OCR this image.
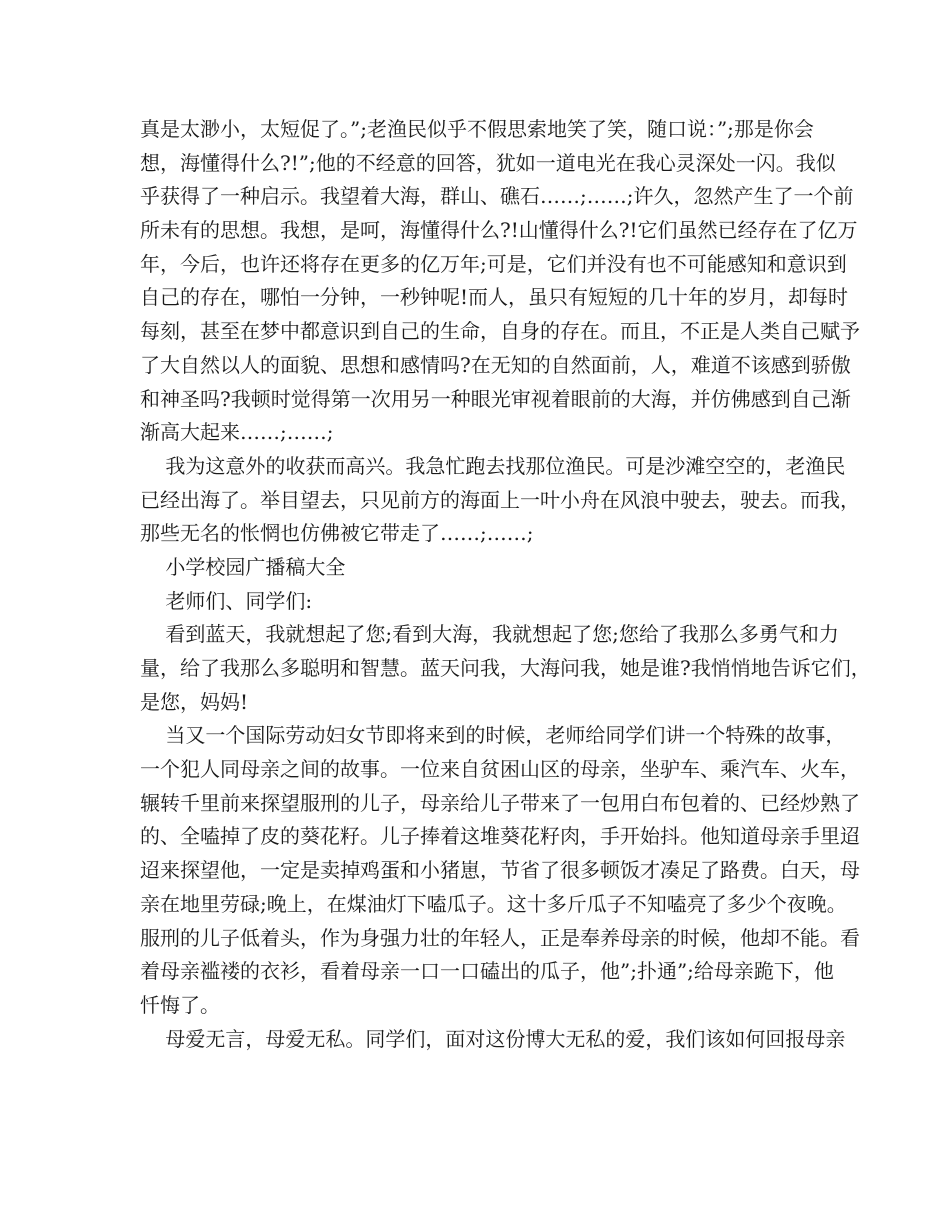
真是太渺小，太短促了。”;老渔民似乎不假思索地笑了笑，随口说：”;那是你会
想，海懂得什么?!”;他的不经意的回答，犹如一道电光在我心灵深处一闪。我似
乎获得了一种启示。我望着大海，群山、礁石……;……;许久，忽然产生了一个前
所未有的思想。我想，是呵，海懂得什么?!山懂得什么?!它们虽然已经存在了亿万
年，今后，也许还将存在更多的亿万年;可是，它们并没有也不可能感知和意识到
自己的存在，哪怕一分钟，一秒钟呢!而人，虽只有短短的几十年的岁月，却每时
每刻，甚至在梦中都意识到自己的生命，自身的存在。而且，不正是人类自己赋予
了大自然以人的面貌、思想和感情吗?在无知的自然面前，人，难道不该感到骄傲
和神圣吗?我顿时觉得第一次用另一种眼光审视着眼前的大海，并仿佛感到自己渐
渐高大起来……;……;
我为这意外的收获而高兴。我急忙跑去找那位渔民。可是沙滩空空的，老渔民
已经出海了。举目望去，只见前方的海面上一叶小舟在风浪中驶去，驶去。而我，
那些无名的怅惘也仿佛被它带走了……;……;
小学校园广播稿大全
老师们、同学们:
看到蓝天，我就想起了您;看到大海，我就想起了您;您给了我那么多勇气和力
量，给了我那么多聪明和智慧。蓝天问我，大海问我，她是谁?我悄悄地告诉它们，
是您，妈妈!
当又一个国际劳动妇女节即将来到的时候，老师给同学们讲一个特殊的故事，
一个犯人同母亲之间的故事。一位来自贫困山区的母亲，坐驴车、乘汽车、火车，
辗转千里前来探望服刑的儿子，母亲给儿子带来了一包用白布包着的、已经炒熟了
的、全嗑掉了皮的葵花籽。儿子捧着这堆葵花籽肉，手开始抖。他知道母亲手里迢
迢来探望他，一定是卖掉鸡蛋和小猪崽，节省了很多顿饭才凑足了路费。白天，母
亲在地里劳碌;晚上，在煤油灯下嗑瓜子。这十多斤瓜子不知嗑亮了多少个夜晚。
服刑的儿子低着头，作为身强力壮的年轻人，正是奉养母亲的时候，他却不能。看
着母亲褴褛的衣衫，看着母亲一口一口磕出的瓜子，他”;扑通”;给母亲跪下，他
忏悔了。
母爱无言，母爱无私。同学们，面对这份博大无私的爱，我们该如何回报母亲
